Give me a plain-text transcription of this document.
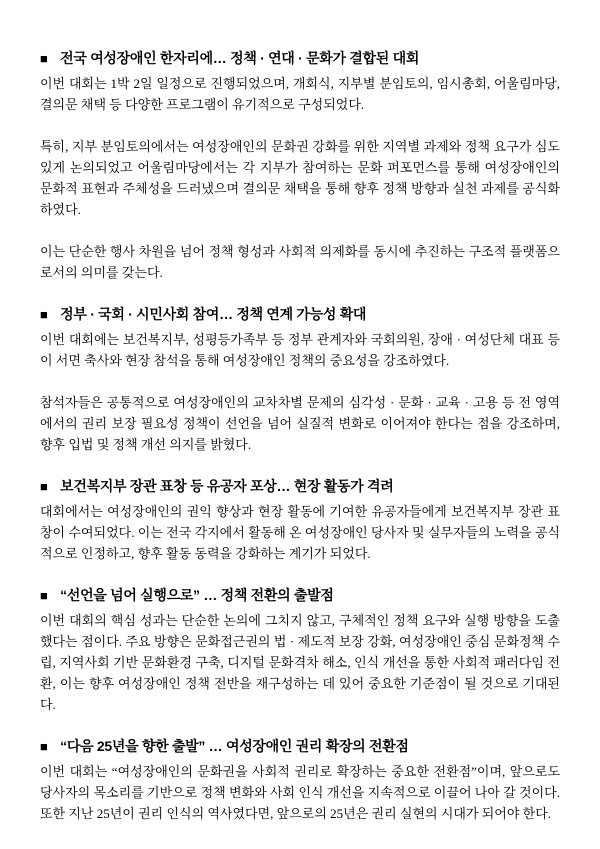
■ 전국 여성장애인 한자리에… 정책 · 연대 · 문화가 결합된 대회

이번 대회는 1박 2일 일정으로 진행되었으며, 개회식, 지부별 분임토의, 임시총회, 어울림마당, 결의문 채택 등 다양한 프로그램이 유기적으로 구성되었다.

특히, 지부 분임토의에서는 여성장애인의 문화권 강화를 위한 지역별 과제와 정책 요구가 심도 있게 논의되었고 어울림마당에서는 각 지부가 참여하는 문화 퍼포먼스를 통해 여성장애인의 문화적 표현과 주체성을 드러냈으며 결의문 채택을 통해 향후 정책 방향과 실천 과제를 공식화하였다.

이는 단순한 행사 차원을 넘어 정책 형성과 사회적 의제화를 동시에 추진하는 구조적 플랫폼으로서의 의미를 갖는다.

■ 정부 · 국회 · 시민사회 참여… 정책 연계 가능성 확대

이번 대회에는 보건복지부, 성평등가족부 등 정부 관계자와 국회의원, 장애 · 여성단체 대표 등이 서면 축사와 현장 참석을 통해 여성장애인 정책의 중요성을 강조하였다.

참석자들은 공통적으로 여성장애인의 교차차별 문제의 심각성 · 문화 · 교육 · 고용 등 전 영역에서의 권리 보장 필요성 정책이 선언을 넘어 실질적 변화로 이어져야 한다는 점을 강조하며, 향후 입법 및 정책 개선 의지를 밝혔다.

■ 보건복지부 장관 표창 등 유공자 포상… 현장 활동가 격려

대회에서는 여성장애인의 권익 향상과 현장 활동에 기여한 유공자들에게 보건복지부 장관 표창이 수여되었다. 이는 전국 각지에서 활동해 온 여성장애인 당사자 및 실무자들의 노력을 공식적으로 인정하고, 향후 활동 동력을 강화하는 계기가 되었다.

■ “선언을 넘어 실행으로” … 정책 전환의 출발점

이번 대회의 핵심 성과는 단순한 논의에 그치지 않고, 구체적인 정책 요구와 실행 방향을 도출했다는 점이다. 주요 방향은 문화접근권의 법 · 제도적 보장 강화, 여성장애인 중심 문화정책 수립, 지역사회 기반 문화환경 구축, 디지털 문화격차 해소, 인식 개선을 통한 사회적 패러다임 전환, 이는 향후 여성장애인 정책 전반을 재구성하는 데 있어 중요한 기준점이 될 것으로 기대된다.

■ “다음 25년을 향한 출발” … 여성장애인 권리 확장의 전환점

이번 대회는 “여성장애인의 문화권을 사회적 권리로 확장하는 중요한 전환점”이며, 앞으로도 당사자의 목소리를 기반으로 정책 변화와 사회 인식 개선을 지속적으로 이끌어 나아 갈 것이다. 또한 지난 25년이 권리 인식의 역사였다면, 앞으로의 25년은 권리 실현의 시대가 되어야 한다.
